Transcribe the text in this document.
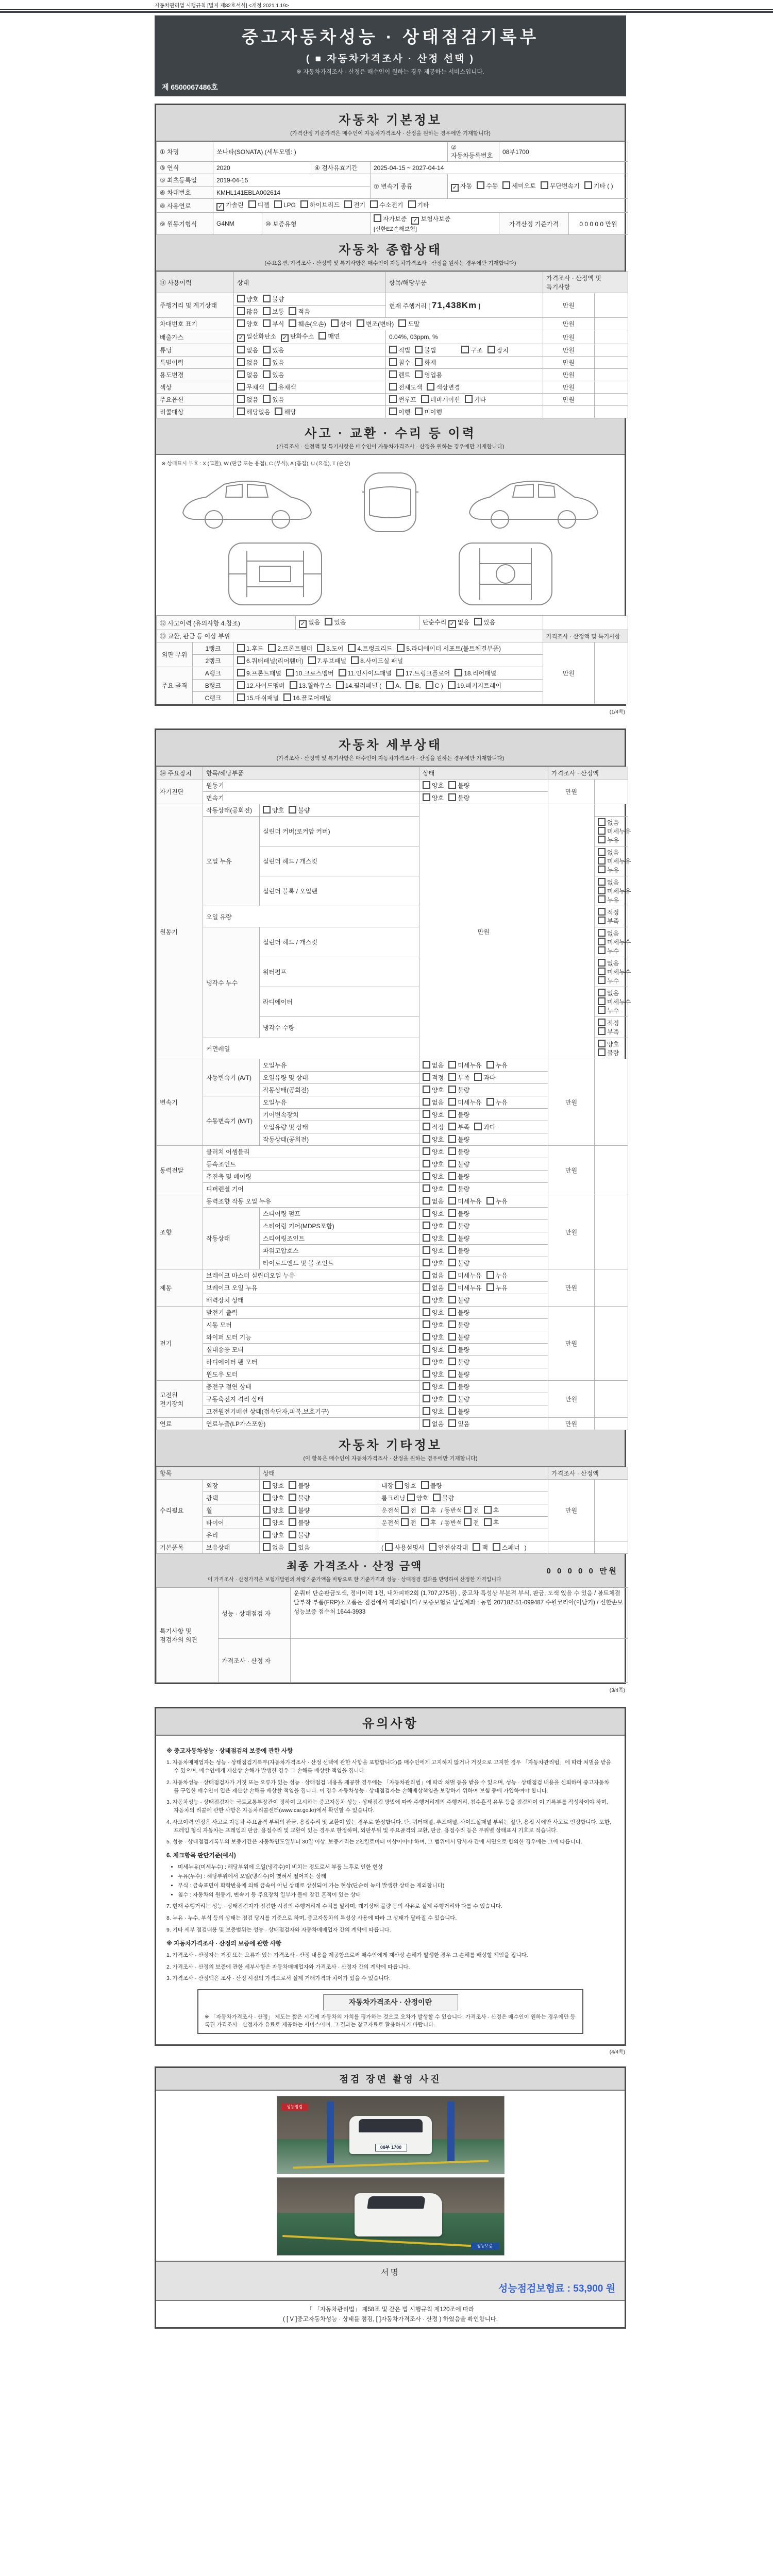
자동차관리법 시행규칙 [별지 제82호서식] <개정 2021.1.19>
중고자동차성능 · 상태점검기록부
( ■ 자동차가격조사 · 산정 선택 )
※ 자동차가격조사 · 산정은 매수인이 원하는 경우 제공하는 서비스입니다.
제 6500067486호
자동차 기본정보
(가격산정 기준가격은 매수인이 자동차가격조사 · 산정을 원하는 경우에만 기재합니다)
① 차명	쏘나타(SONATA) (세부모델: )				② 자동차등록번호	08부1700	
③ 연식	2020		④ 검사유효기간	2025-04-15 ~ 2027-04-14			
⑤ 최초등록일	2019-04-15			⑦ 변속기 종류	✓ 자동 수동 세미오토 무단변속기 기타 ( )		
⑥ 차대번호	KMHL141EBLA002614						
⑧ 사용연료	✓ 가솔린 디젤 LPG 하이브리드 전기 수소전기 기타						
⑨ 원동기형식	G4NM	⑩ 보증유형		자가보증 ✓ 보험사보증 [신한EZ손해보험]		가격산정 기준가격	0 0 0 0 0 만원
자동차 종합상태
(주요옵션, 가격조사 · 산정액 및 특기사항은 매수인이 자동차가격조사 · 산정을 원하는 경우에만 기재합니다)
⑪ 사용이력	상태	항목/해당부품	가격조사 · 산정액 및 특기사항	
주행거리 및 계기상태	양호 불량	현재 주행거리 [ 71,438Km ]	만원	
	많음 보통 적음			
차대번호 표기	양호 부식 훼손(오손) 상이 변조(변타) 도말		만원	
배출가스	✓ 일산화탄소 ✓ 탄화수소 매연	0.04%, 03ppm, %	만원	
튜닝	없음 있음	적법 불법 구조 장치	만원	
특별이력	없음 있음	침수 화재	만원	
용도변경	없음 있음	렌트 영업용	만원	
색상	무채색 유채색	전체도색 색상변경	만원	
주요옵션	없음 있음	썬루프 네비게이션 기타	만원	
리콜대상	해당없음 해당	이행 미이행		
사고 · 교환 · 수리 등 이력
(가격조사 · 산정액 및 특기사항은 매수인이 자동차가격조사 · 산정을 원하는 경우에만 기재합니다)
※ 상태표시 부호 : X (교환), W (판금 또는 용접), C (부식), A (흠집), U (요철), T (손상)
⑫ 사고이력 (유의사항 4.참조)			✓ 없음 있음	단순수리 ✓ 없음 있음		
⑬ 교환, 판금 등 이상 부위					가격조사 · 산정액 및 특기사항	
외판 부위	1랭크	1.후드 2.프론트휀더 3.도어 4.트렁크리드 5.라디에이터 서포트(볼트체결부품)			만원	
	2랭크	6.쿼터패널(리어휀더) 7.루브패널 8.사이드실 패널				
주요 골격	A랭크	9.프론트패널 10.크로스멤버 11.인사이드패널 17.트렁크플로어 18.리어패널				
	B랭크	12.사이드멤버 13.휠하우스 14.필러패널 ( A, B, C ) 19.패키지트레이				
	C랭크	15.대쉬패널 16.플로어패널				
(1/4쪽)
자동차 세부상태
(가격조사 · 산정액 및 특기사항은 매수인이 자동차가격조사 · 산정을 원하는 경우에만 기재합니다)
⑭ 주요장치	항목/해당부품		상태	가격조사 · 산정액	
자기진단	원동기		양호 불량	만원	
	변속기		양호 불량		
원동기	작동상태(공회전)	양호 불량	만원		
	오일 누유	실린더 커버(로커암 커버)			없음미세누유누유
		실린더 헤드 / 개스킷			없음미세누유누유
		실린더 블록 / 오일팬			없음미세누유누유
	오일 유량				적정부족
	냉각수 누수	실린더 헤드 / 개스킷			없음미세누수누수
		워터펌프			없음미세누수누수
		라디에이터			없음미세누수누수
		냉각수 수량			적정부족
	커먼레일				양호불량
변속기	자동변속기 (A/T)	오일누유	없음 미세누유 누유	만원	
		오일유량 및 상태	적정 부족 과다		
		작동상태(공회전)	양호 불량		
	수동변속기 (M/T)	오일누유	없음 미세누유 누유		
		기어변속장치	양호 불량		
		오일유량 및 상태	적정 부족 과다		
		작동상태(공회전)	양호 불량		
동력전달	클러치 어셈블리		양호 불량	만원	
	등속조인트		양호 불량		
	추진축 및 베어링		양호 불량		
	디퍼렌셜 기어		양호 불량		
조향	동력조향 작동 오일 누유		없음 미세누유 누유	만원	
	작동상태	스티어링 펌프	양호 불량		
		스티어링 기어(MDPS포함)	양호 불량		
		스티어링조인트	양호 불량		
		파워고압호스	양호 불량		
		타이로드엔드 및 볼 조인트	양호 불량		
제동	브레이크 마스터 실린더오일 누유		없음 미세누유 누유	만원	
	브레이크 오일 누유		없음 미세누유 누유		
	배력장치 상태		양호 불량		
전기	발전기 출력		양호 불량	만원	
	시동 모터		양호 불량		
	와이퍼 모터 기능		양호 불량		
	실내송풍 모터		양호 불량		
	라디에이터 팬 모터		양호 불량		
	윈도우 모터		양호 불량		
고전원 전기장치	충전구 절연 상태		양호 불량	만원	
	구동축전지 격리 상태		양호 불량		
	고전원전기배선 상태(접속단자,피복,보호기구)		양호 불량		
연료	연료누출(LP가스포함)		없음 있음	만원	
자동차 기타정보
(이 항목은 매수인이 자동차가격조사 · 산정을 원하는 경우에만 기재합니다)
항목		상태		가격조사 · 산정액	
수리필요	외장	양호 불량	내장 양호 불량	만원	
	광택	양호 불량	룸크리닝 양호 불량		
	휠	양호 불량	운전석 전 후 / 동반석 전 후		
	타이어	양호 불량	운전석 전 후 / 동반석 전 후		
	유리	양호 불량			
기본품목	보유상태	없음 있음	( 사용설명서 안전삼각대 잭 스패너 )		
최종 가격조사 · 산정 금액
이 가격조사 · 산정가격은 보험개발원의 차량기준가액을 바탕으로 한 기준가격과 성능 · 상태점검 결과를 반영하여 산정한 가격입니다
0 0 0 0 0 만원
특기사항 및 점검자의 의견	성능 · 상태점검 자	운쿼터 단순판금도색, 정비이력 1건, 내차피해2회 (1,707,275원) , 중고차 특성상 부분적 부식, 판금, 도색 있을 수 있음 / 볼트체결 탈부착 부품(FRP)소모품은 점검에서 제외됩니다 / 보증보험료 납입계좌 : 농협 207182-51-099487 수원코리아(이남기) / 신한손보 성능보증 접수처 1644-3933
	가격조사 · 산정 자	
(3/4쪽)
유의사항
※ 중고자동차성능 · 상태점검의 보증에 관한 사항

1. 자동차매매업자는 성능 · 상태점검기록부(자동차가격조사 · 산정 선택에 관한 사항을 포함합니다)를 매수인에게 고지하지 않거나 거짓으로 고지한 경우 「자동차관리법」에 따라 처벌을 받을 수 있으며, 매수인에게 재산상 손해가 발생한 경우 그 손해를 배상할 책임을 집니다.

2. 자동차성능 · 상태점검자가 거짓 또는 오류가 있는 성능 · 상태점검 내용을 제공한 경우에는 「자동차관리법」에 따라 처벌 등을 받을 수 있으며, 성능 · 상태점검 내용을 신뢰하여 중고자동차를 구입한 매수인이 입은 재산상 손해를 배상할 책임을 집니다. 이 경우 자동차성능 · 상태점검자는 손해배상책임을 보장하기 위하여 보험 등에 가입하여야 합니다.

3. 자동차성능 · 상태점검자는 국토교통부장관이 정하여 고시하는 중고자동차 성능 · 상태점검 방법에 따라 주행거리계의 주행거리, 침수흔적 유무 등을 점검하여 이 기록부를 작성하여야 하며, 자동차의 리콜에 관한 사항은 자동차리콜센터(www.car.go.kr)에서 확인할 수 있습니다.

4. 사고이력 인정은 사고로 자동차 주요골격 부위의 판금, 용접수리 및 교환이 있는 경우로 한정합니다. 단, 쿼터패널, 루프패널, 사이드실패널 부위는 절단, 용접 시에만 사고로 인정합니다. 또한, 프레임 형식 자동차는 프레임의 판금, 용접수리 및 교환이 있는 경우로 한정하며, 외판부위 및 주요골격의 교환, 판금, 용접수리 등은 부위별 상태표시 기호로 적습니다.

5. 성능 · 상태점검기록부의 보증기간은 자동차인도일부터 30일 이상, 보증거리는 2천킬로미터 이상이어야 하며, 그 범위에서 당사자 간에 서면으로 합의한 경우에는 그에 따릅니다.

6. 체크항목 판단기준(예시)

• 미세누유(미세누수) : 해당부위에 오일(냉각수)이 비치는 정도로서 부품 노후로 인한 현상
• 누유(누수) : 해당부위에서 오일(냉각수)이 맺혀서 떨어지는 상태
• 부식 : 금속표면이 화학반응에 의해 금속이 아닌 상태로 상실되어 가는 현상(단순히 녹이 발생한 상태는 제외합니다)
• 침수 : 자동차의 원동기, 변속기 등 주요장치 일부가 물에 잠긴 흔적이 있는 상태

7. 현재 주행거리는 성능 · 상태점검자가 점검한 시점의 주행거리계 수치를 말하며, 계기상태 불량 등의 사유로 실제 주행거리와 다를 수 있습니다.

8. 누유 · 누수, 부식 등의 상태는 점검 당시를 기준으로 하며, 중고자동차의 특성상 사용에 따라 그 상태가 달라질 수 있습니다.

9. 기타 세부 점검내용 및 보증범위는 성능 · 상태점검자와 자동차매매업자 간의 계약에 따릅니다.

※ 자동차가격조사 · 산정의 보증에 관한 사항

1. 가격조사 · 산정자는 거짓 또는 오류가 있는 가격조사 · 산정 내용을 제공함으로써 매수인에게 재산상 손해가 발생한 경우 그 손해를 배상할 책임을 집니다.

2. 가격조사 · 산정의 보증에 관한 세부사항은 자동차매매업자와 가격조사 · 산정자 간의 계약에 따릅니다.

3. 가격조사 · 산정액은 조사 · 산정 시점의 가격으로서 실제 거래가격과 차이가 있을 수 있습니다.

자동차가격조사 · 산정이란
※ 「자동차가격조사 · 산정」 제도는 짧은 시간에 자동차의 가치를 평가하는 것으로 오차가 발생할 수 있습니다. 가격조사 · 산정은 매수인이 원하는 경우에만 등록된 가격조사 · 산정자가 유료로 제공하는 서비스이며, 그 결과는 참고자료로 활용하시기 바랍니다.
(4/4쪽)
점검 장면 촬영 사진
성능점검
08부 1700
성능보증
서명
성능점검보험료 : 53,900 원
「 「자동차관리법」 제58조 및 같은 법 시행규칙 제120조에 따라
( [ V ]중고자동차성능 · 상태를 점검, [ ]자동차가격조사 · 산정 ) 하였음을 확인합니다.
